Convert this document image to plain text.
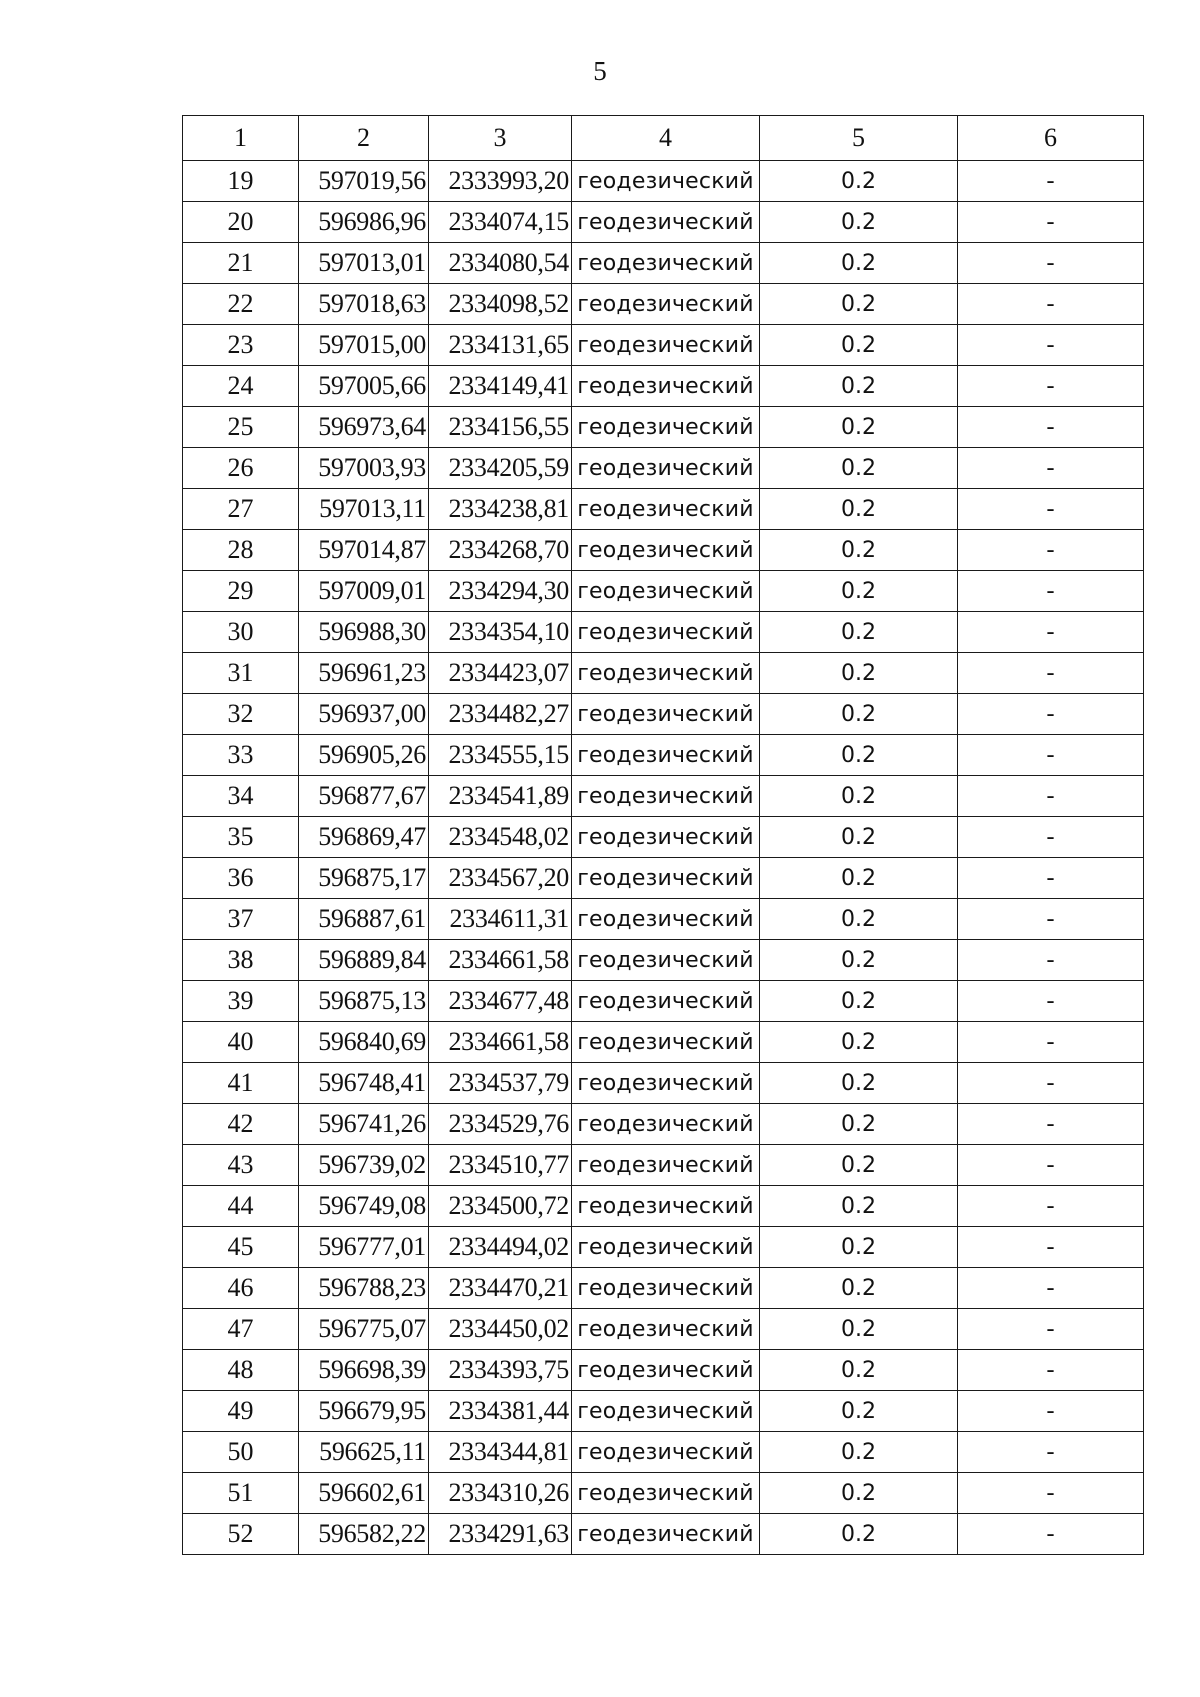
5
1	2	3	4	5	6
19	597019,56	2333993,20	геодезический	0.2	-
20	596986,96	2334074,15	геодезический	0.2	-
21	597013,01	2334080,54	геодезический	0.2	-
22	597018,63	2334098,52	геодезический	0.2	-
23	597015,00	2334131,65	геодезический	0.2	-
24	597005,66	2334149,41	геодезический	0.2	-
25	596973,64	2334156,55	геодезический	0.2	-
26	597003,93	2334205,59	геодезический	0.2	-
27	597013,11	2334238,81	геодезический	0.2	-
28	597014,87	2334268,70	геодезический	0.2	-
29	597009,01	2334294,30	геодезический	0.2	-
30	596988,30	2334354,10	геодезический	0.2	-
31	596961,23	2334423,07	геодезический	0.2	-
32	596937,00	2334482,27	геодезический	0.2	-
33	596905,26	2334555,15	геодезический	0.2	-
34	596877,67	2334541,89	геодезический	0.2	-
35	596869,47	2334548,02	геодезический	0.2	-
36	596875,17	2334567,20	геодезический	0.2	-
37	596887,61	2334611,31	геодезический	0.2	-
38	596889,84	2334661,58	геодезический	0.2	-
39	596875,13	2334677,48	геодезический	0.2	-
40	596840,69	2334661,58	геодезический	0.2	-
41	596748,41	2334537,79	геодезический	0.2	-
42	596741,26	2334529,76	геодезический	0.2	-
43	596739,02	2334510,77	геодезический	0.2	-
44	596749,08	2334500,72	геодезический	0.2	-
45	596777,01	2334494,02	геодезический	0.2	-
46	596788,23	2334470,21	геодезический	0.2	-
47	596775,07	2334450,02	геодезический	0.2	-
48	596698,39	2334393,75	геодезический	0.2	-
49	596679,95	2334381,44	геодезический	0.2	-
50	596625,11	2334344,81	геодезический	0.2	-
51	596602,61	2334310,26	геодезический	0.2	-
52	596582,22	2334291,63	геодезический	0.2	-
